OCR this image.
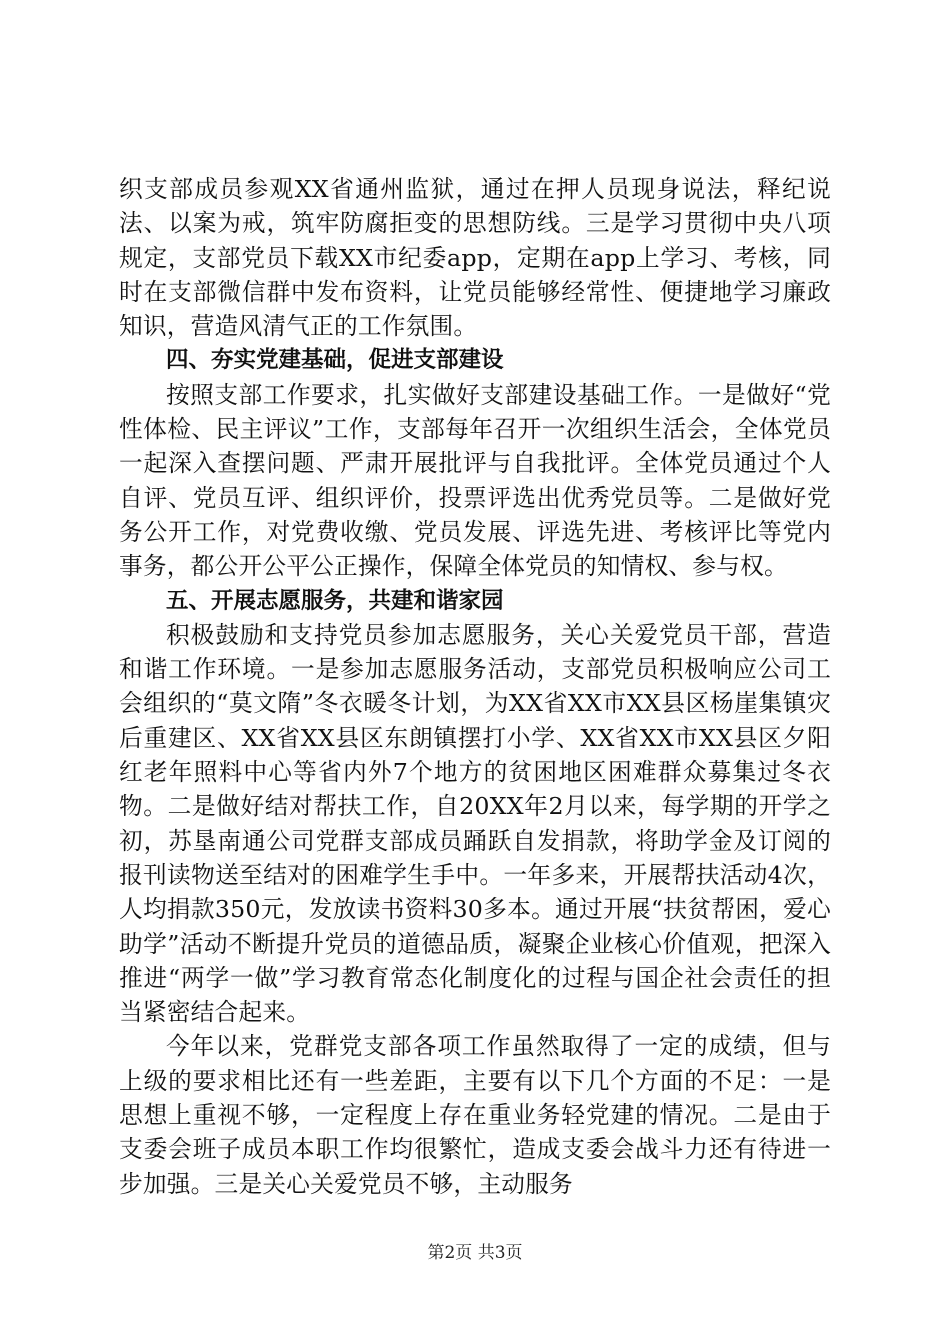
织支部成员参观XX省通州监狱，通过在押人员现身说法，释纪说法、以案为戒，筑牢防腐拒变的思想防线。三是学习贯彻中央八项规定，支部党员下载XX市纪委app，定期在app上学习、考核，同时在支部微信群中发布资料，让党员能够经常性、便捷地学习廉政知识，营造风清气正的工作氛围。

四、夯实党建基础，促进支部建设

按照支部工作要求，扎实做好支部建设基础工作。一是做好“党性体检、民主评议”工作，支部每年召开一次组织生活会，全体党员一起深入查摆问题、严肃开展批评与自我批评。全体党员通过个人自评、党员互评、组织评价，投票评选出优秀党员等。二是做好党务公开工作，对党费收缴、党员发展、评选先进、考核评比等党内事务，都公开公平公正操作，保障全体党员的知情权、参与权。

五、开展志愿服务，共建和谐家园

积极鼓励和支持党员参加志愿服务，关心关爱党员干部，营造和谐工作环境。一是参加志愿服务活动，支部党员积极响应公司工会组织的“莫文隋”冬衣暖冬计划，为XX省XX市XX县区杨崖集镇灾后重建区、XX省XX县区东朗镇摆打小学、XX省XX市XX县区夕阳红老年照料中心等省内外7个地方的贫困地区困难群众募集过冬衣物。二是做好结对帮扶工作，自20XX年2月以来，每学期的开学之初，苏垦南通公司党群支部成员踊跃自发捐款，将助学金及订阅的报刊读物送至结对的困难学生手中。一年多来，开展帮扶活动4次，人均捐款350元，发放读书资料30多本。通过开展“扶贫帮困，爱心助学”活动不断提升党员的道德品质，凝聚企业核心价值观，把深入推进“两学一做”学习教育常态化制度化的过程与国企社会责任的担当紧密结合起来。

今年以来，党群党支部各项工作虽然取得了一定的成绩，但与上级的要求相比还有一些差距，主要有以下几个方面的不足：一是思想上重视不够，一定程度上存在重业务轻党建的情况。二是由于支委会班子成员本职工作均很繁忙，造成支委会战斗力还有待进一步加强。三是关心关爱党员不够，主动服务

第2页 共3页
